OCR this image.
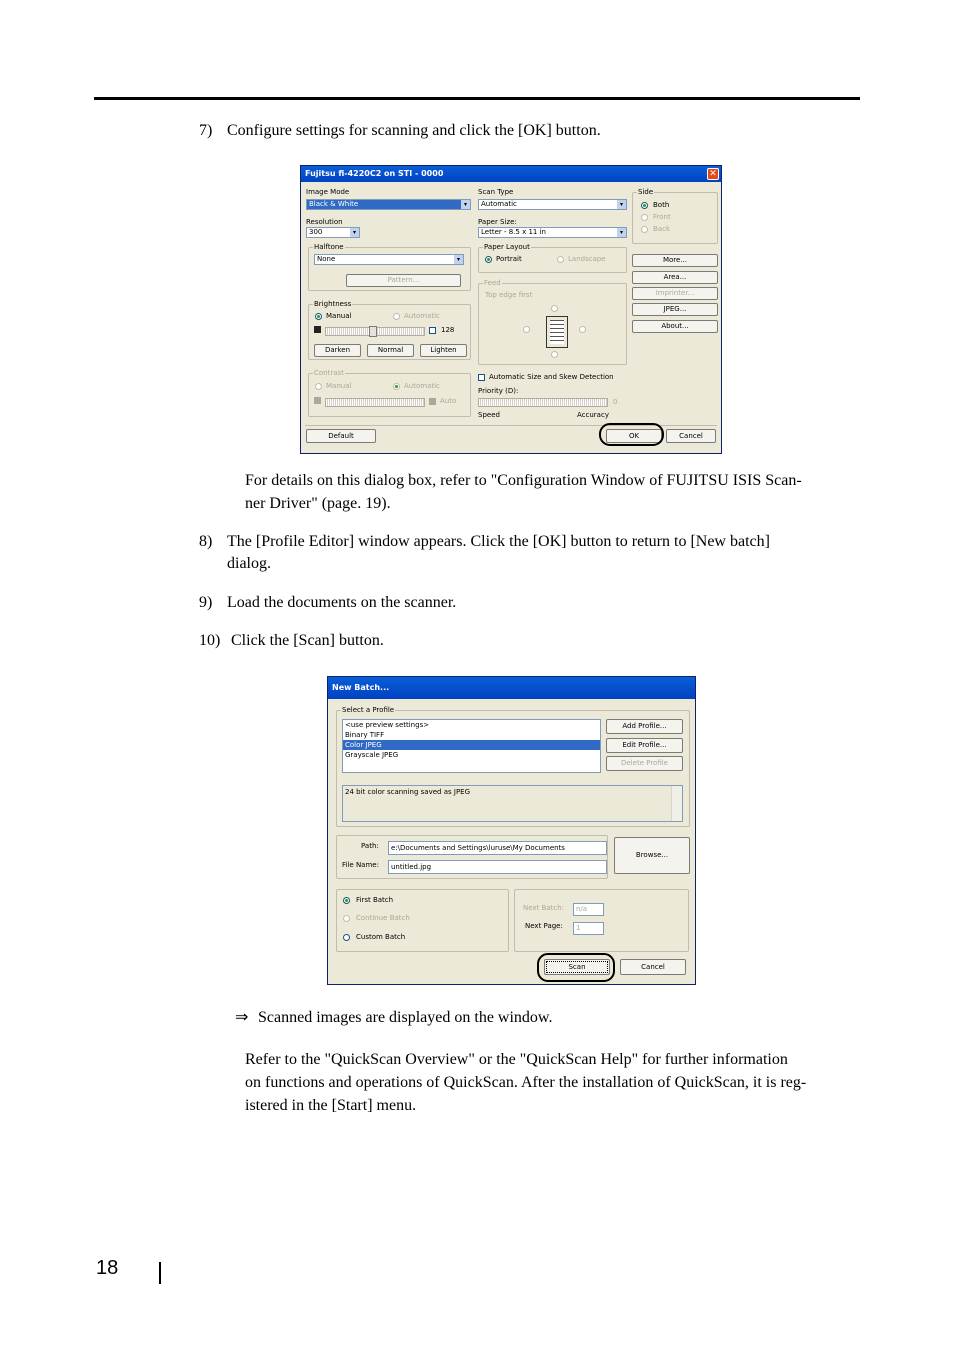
7) Configure settings for scanning and click the [OK] button.
Fujitsu fi-4220C2 on STI - 0000	✕
Image Mode
Black & White	▾
Resolution
300	▾
Halftone
None	▾
Pattern...
Brightness
Manual	Automatic
128
Darken	Normal	Lighten
Contrast
Manual	Automatic
Auto
Scan Type
Automatic	▾
Paper Size:
Letter - 8.5 x 11 in	▾
Paper Layout
Portrait	Landscape
Feed
Top edge first
Automatic Size and Skew Detection
Priority (D):
0
Speed	Accuracy
Side
Both
Front
Back
More...
Area...
Imprinter...
JPEG...
About...
Default	OK	Cancel
For details on this dialog box, refer to "Configuration Window of FUJITSU ISIS Scan-
ner Driver" (page. 19).
8) The [Profile Editor] window appears. Click the [OK] button to return to [New batch]
dialog.
9) Load the documents on the scanner.
10) Click the [Scan] button.
New Batch...
Select a Profile
<use preview settings>
Binary TIFF
Color JPEG
Grayscale JPEG
Add Profile...
Edit Profile...
Delete Profile
24 bit color scanning saved as JPEG
Path:	e:\Documents and Settings\luruse\My Documents
File Name:	untitled.jpg
Browse...
First Batch
Continue Batch
Custom Batch
Next Batch:	n/a
Next Page:	1
Scan	Cancel
⇒ Scanned images are displayed on the window.
Refer to the "QuickScan Overview" or the "QuickScan Help" for further information
on functions and operations of QuickScan. After the installation of QuickScan, it is reg-
istered in the [Start] menu.
18
